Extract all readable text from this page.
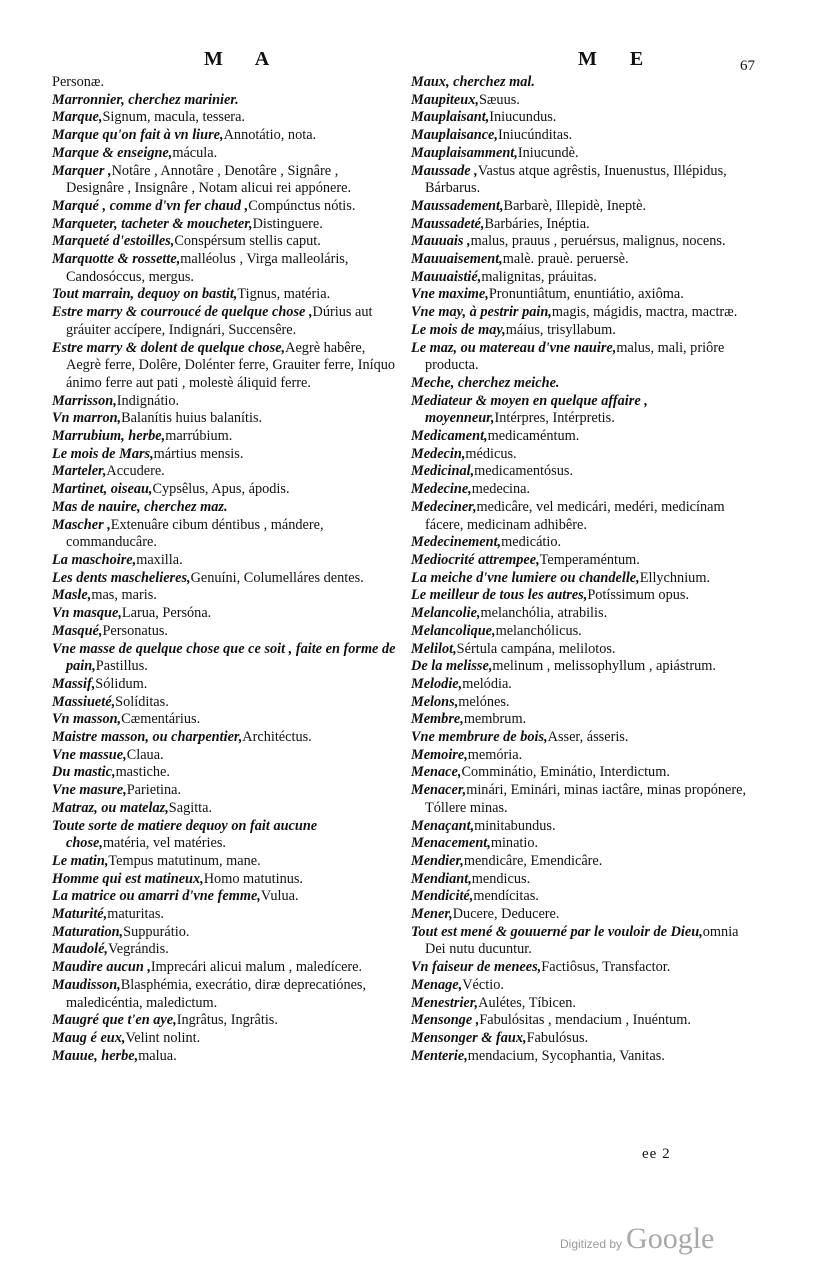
M A	M E	67
Personæ.
Marronnier, cherchez marinier.
Marque,Signum, macula, tessera.
Marque qu'on fait à vn liure,Annotátio, nota.
Marque & enseigne,mácula.
Marquer ,Notâre , Annotâre , Denotâre , Signâre , Designâre , Insignâre , Notam alicui rei appónere.
Marqué , comme d'vn fer chaud ,Compúnctus nótis.
Marqueter, tacheter & moucheter,Distinguere.
Marqueté d'estoilles,Conspérsum stellis caput.
Marquotte & rossette,malléolus , Virga malleoláris, Candosóccus, mergus.
Tout marrain, dequoy on bastit,Tignus, matéria.
Estre marry & courroucé de quelque chose ,Dúrius aut gráuiter accípere, Indignári, Succensêre.
Estre marry & dolent de quelque chose,Aegrè habêre, Aegrè ferre, Dolêre, Dolénter ferre, Grauiter ferre, Iníquo ánimo ferre aut pati , molestè áliquid ferre.
Marrisson,Indignátio.
Vn marron,Balanítis huius balanítis.
Marrubium, herbe,marrúbium.
Le mois de Mars,mártius mensis.
Marteler,Accudere.
Martinet, oiseau,Cypsêlus, Apus, ápodis.
Mas de nauire, cherchez maz.
Mascher ,Extenuâre cibum déntibus , mándere, commanducâre.
La maschoire,maxilla.
Les dents maschelieres,Genuíni, Columelláres dentes.
Masle,mas, maris.
Vn masque,Larua, Persóna.
Masqué,Personatus.
Vne masse de quelque chose que ce soit , faite en forme de pain,Pastillus.
Massif,Sólidum.
Massiueté,Solíditas.
Vn masson,Cæmentárius.
Maistre masson, ou charpentier,Architéctus.
Vne massue,Claua.
Du mastic,mastiche.
Vne masure,Parietina.
Matraz, ou matelaz,Sagitta.
Toute sorte de matiere dequoy on fait aucune chose,matéria, vel matéries.
Le matin,Tempus matutinum, mane.
Homme qui est matineux,Homo matutinus.
La matrice ou amarri d'vne femme,Vulua.
Maturité,maturitas.
Maturation,Suppurátio.
Maudolé,Vegrándis.
Maudire aucun ,Imprecári alicui malum , maledícere.
Maudisson,Blasphémia, execrátio, diræ deprecatiónes, maledicéntia, maledictum.
Maugré que t'en aye,Ingrâtus, Ingrâtis.
Maug é eux,Velint nolint.
Mauue, herbe,malua.
Maux, cherchez mal.
Maupiteux,Sæuus.
Mauplaisant,Iniucundus.
Mauplaisance,Iniucúnditas.
Mauplaisamment,Iniucundè.
Maussade ,Vastus atque agrêstis, Inuenustus, Illépidus, Bárbarus.
Maussadement,Barbarè, Illepidè, Ineptè.
Maussadeté,Barbáries, Inéptia.
Mauuais ,malus, prauus , peruérsus, malignus, nocens.
Mauuaisement,malè. prauè. peruersè.
Mauuaistié,malignitas, práuitas.
Vne maxime,Pronuntiâtum, enuntiátio, axiôma.
Vne may, à pestrir pain,magis, mágidis, mactra, mactræ.
Le mois de may,máius, trisyllabum.
Le maz, ou matereau d'vne nauire,malus, mali, priôre producta.
Meche, cherchez meiche.
Mediateur & moyen en quelque affaire , moyenneur,Intérpres, Intérpretis.
Medicament,medicaméntum.
Medecin,médicus.
Medicinal,medicamentósus.
Medecine,medecina.
Medeciner,medicâre, vel medicári, medéri, medicínam fácere, medicinam adhibêre.
Medecinement,medicátio.
Mediocrité attrempee,Temperaméntum.
La meiche d'vne lumiere ou chandelle,Ellychnium.
Le meilleur de tous les autres,Potíssimum opus.
Melancolie,melanchólia, atrabilis.
Melancolique,melanchólicus.
Melilot,Sértula campána, melilotos.
De la melisse,melinum , melissophyllum , apiástrum.
Melodie,melódia.
Melons,melónes.
Membre,membrum.
Vne membrure de bois,Asser, ásseris.
Memoire,memória.
Menace,Comminátio, Eminátio, Interdictum.
Menacer,minári, Eminári, minas iactâre, minas propónere, Tóllere minas.
Menaçant,minitabundus.
Menacement,minatio.
Mendier,mendicâre, Emendicâre.
Mendiant,mendicus.
Mendicité,mendícitas.
Mener,Ducere, Deducere.
Tout est mené & gouuerné par le vouloir de Dieu,omnia Dei nutu ducuntur.
Vn faiseur de menees,Factiôsus, Transfactor.
Menage,Véctio.
Menestrier,Aulétes, Tíbicen.
Mensonge ,Fabulósitas , mendacium , Inuéntum.
Mensonger & faux,Fabulósus.
Menterie,mendacium, Sycophantia, Vanitas.
ee 2
Digitized by Google
